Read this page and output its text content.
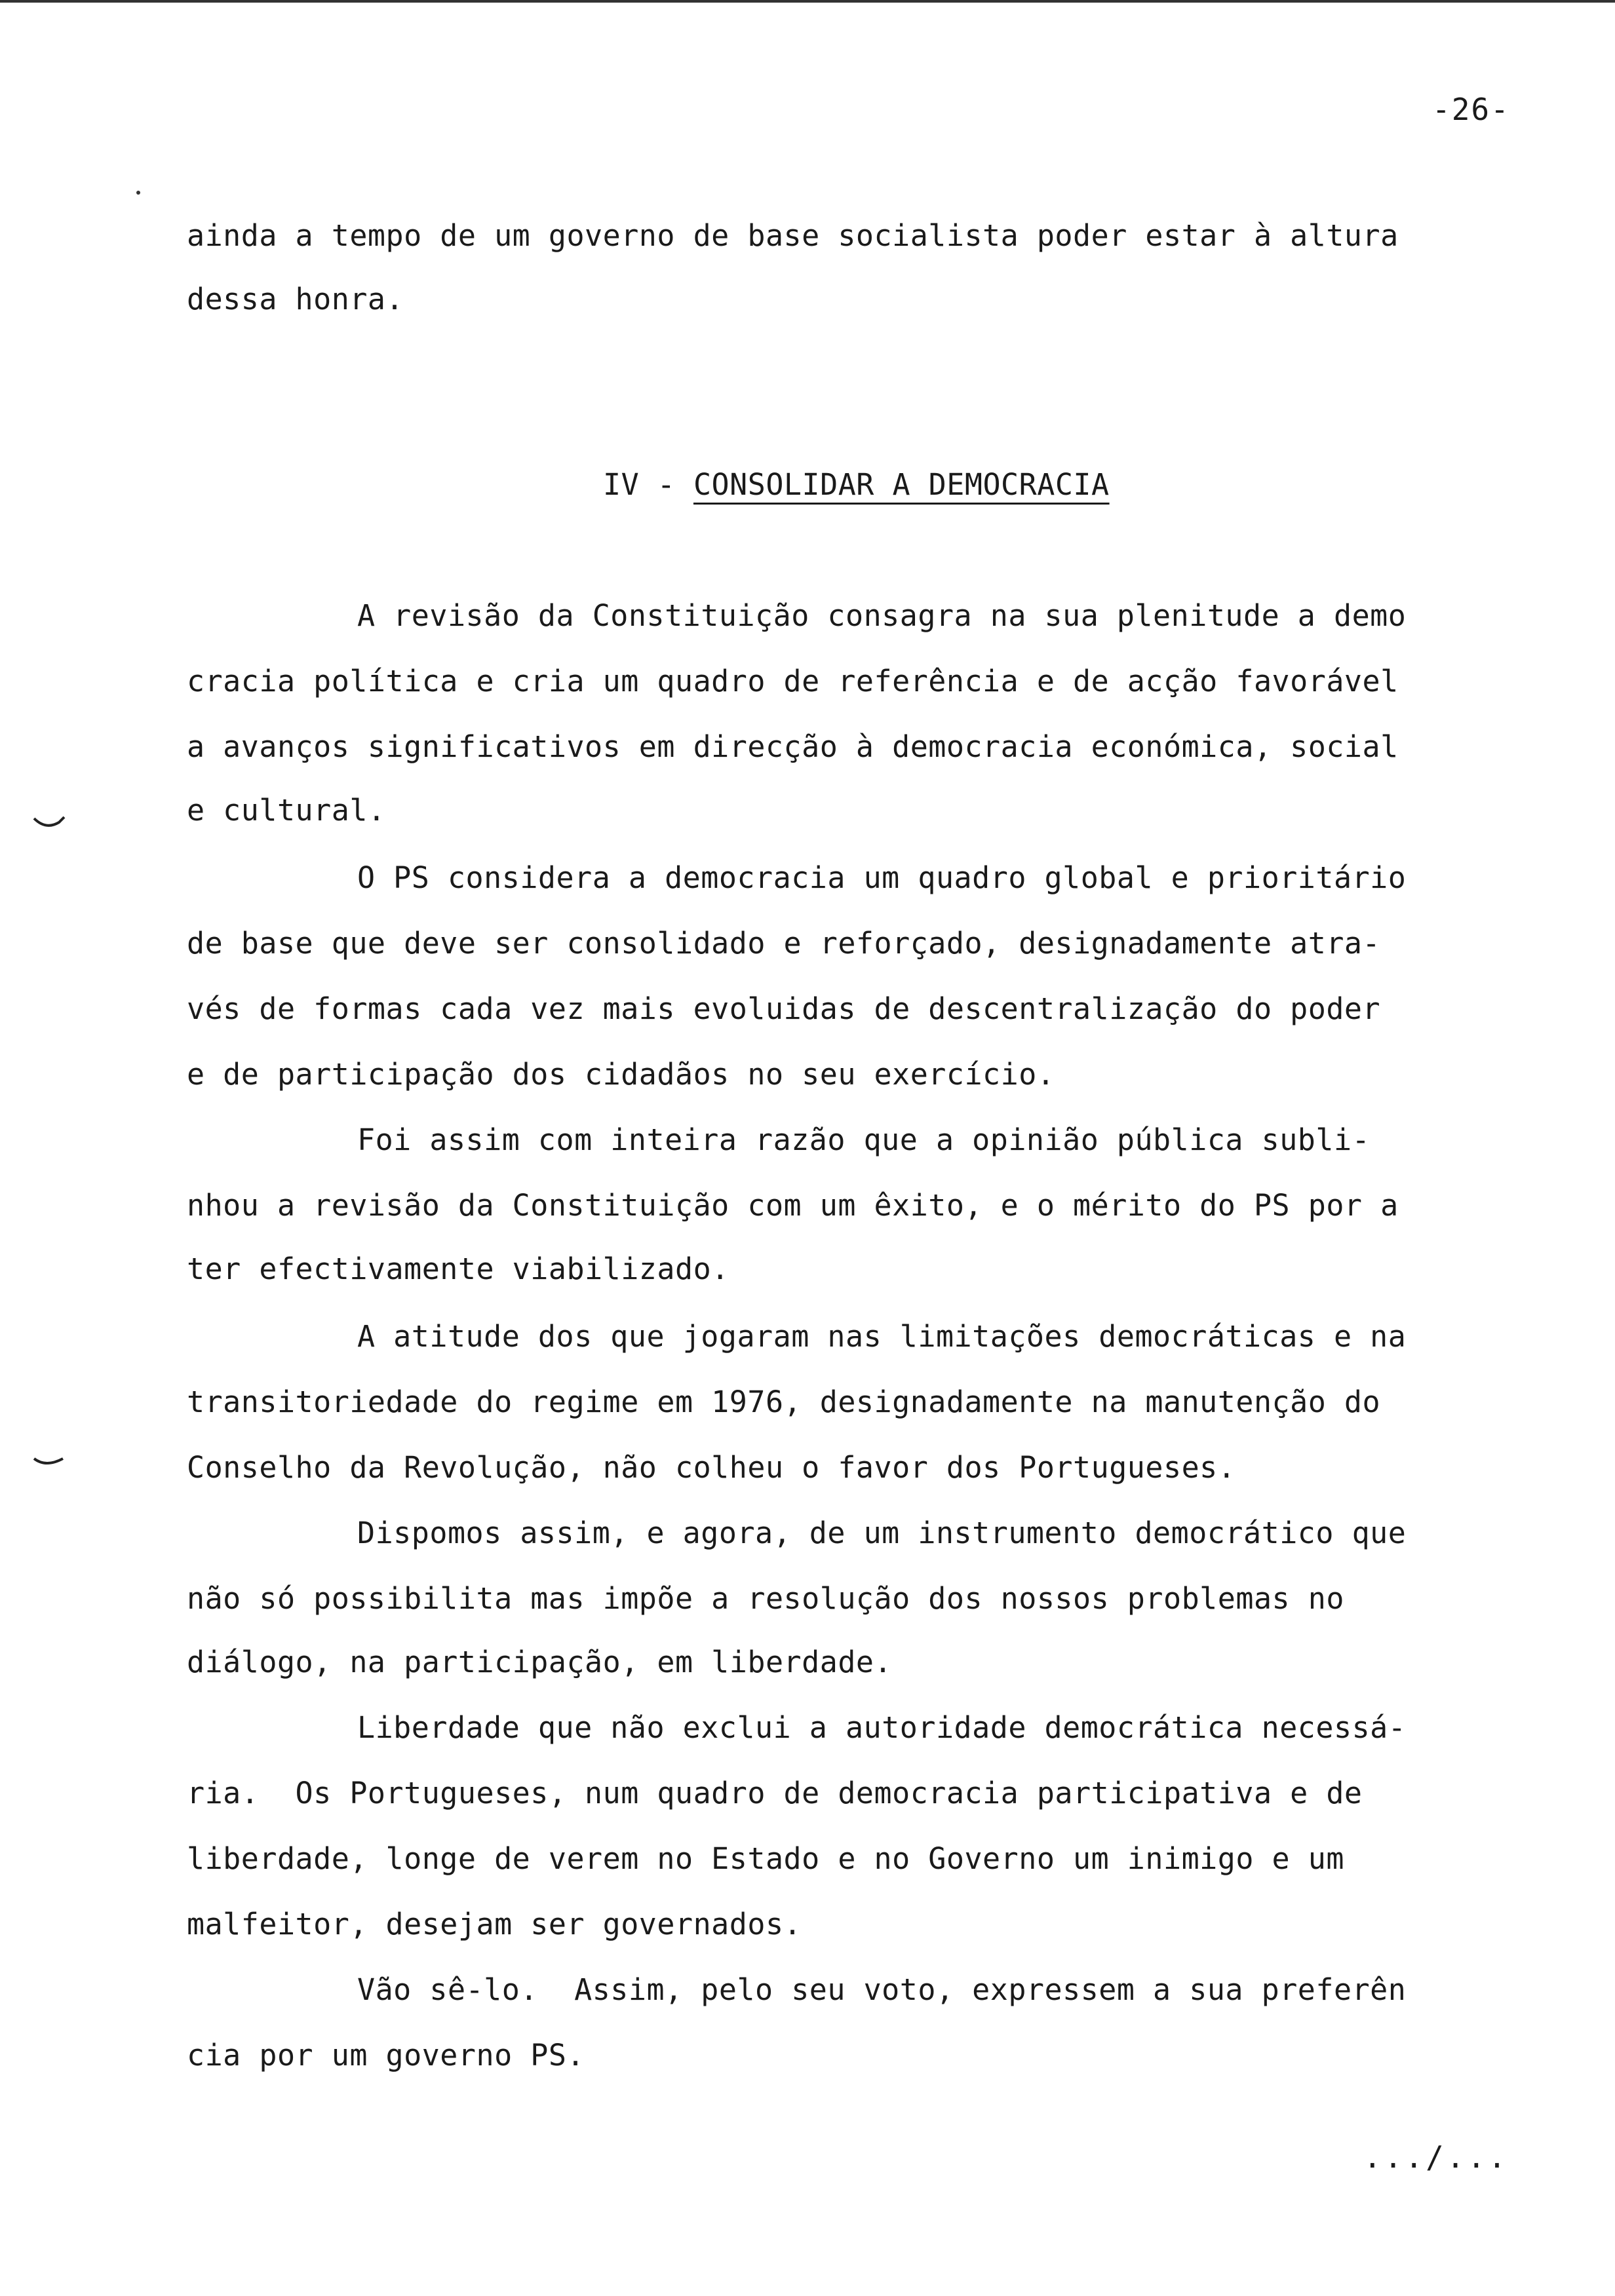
-26-
ainda a tempo de um governo de base socialista poder estar à altura
dessa honra.
IV - CONSOLIDAR A DEMOCRACIA
A revisão da Constituição consagra na sua plenitude a demo
cracia política e cria um quadro de referência e de acção favorável
a avanços significativos em direcção à democracia económica, social
e cultural.
O PS considera a democracia um quadro global e prioritário
de base que deve ser consolidado e reforçado, designadamente atra-
vés de formas cada vez mais evoluidas de descentralização do poder
e de participação dos cidadãos no seu exercício.
Foi assim com inteira razão que a opinião pública subli-
nhou a revisão da Constituição com um êxito, e o mérito do PS por a
ter efectivamente viabilizado.
A atitude dos que jogaram nas limitações democráticas e na
transitoriedade do regime em 1976, designadamente na manutenção do
Conselho da Revolução, não colheu o favor dos Portugueses.
Dispomos assim, e agora, de um instrumento democrático que
não só possibilita mas impõe a resolução dos nossos problemas no
diálogo, na participação, em liberdade.
Liberdade que não exclui a autoridade democrática necessá-
ria.  Os Portugueses, num quadro de democracia participativa e de
liberdade, longe de verem no Estado e no Governo um inimigo e um
malfeitor, desejam ser governados.
Vão sê-lo.  Assim, pelo seu voto, expressem a sua preferên
cia por um governo PS.
.../...
